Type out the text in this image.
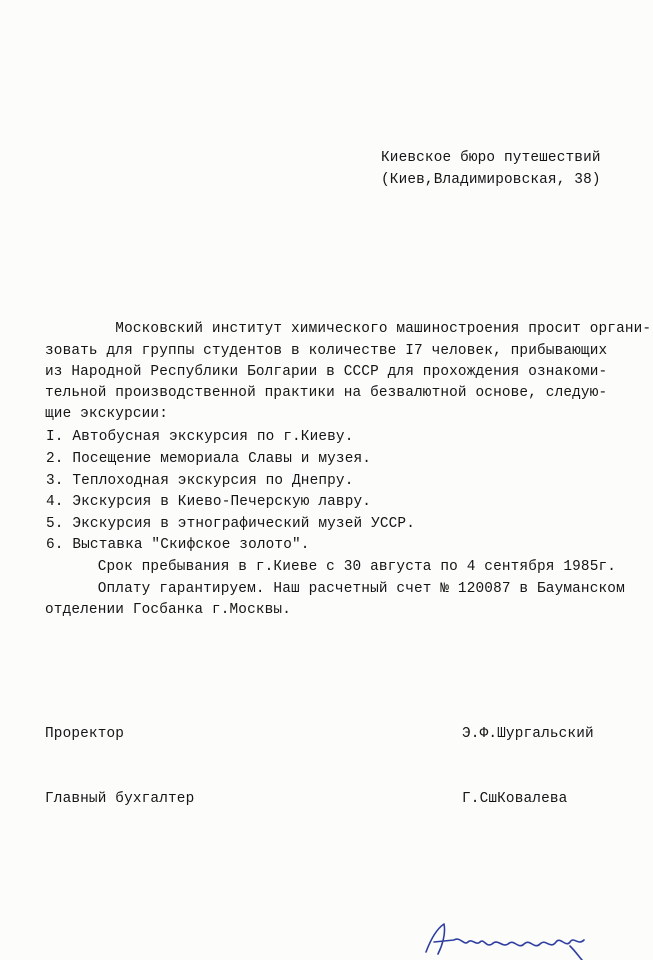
Киевское бюро путешествий
(Киев,Владимировская, 38)
Московский институт химического машиностроения просит органи-
зовать для группы студентов в количестве I7 человек, прибывающих
из Народной Республики Болгарии в СССР для прохождения ознакоми-
тельной производственной практики на безвалютной основе, следую-
щие экскурсии:
I. Автобусная экскурсия по г.Киеву.
2. Посещение мемориала Славы и музея.
3. Теплоходная экскурсия по Днепру.
4. Экскурсия в Киево-Печерскую лавру.
5. Экскурсия в этнографический музей УССР.
6. Выставка "Скифское золото".
Срок пребывания в г.Киеве с 30 августа по 4 сентября 1985г.
Оплату гарантируем. Наш расчетный счет № 120087 в Бауманском
отделении Госбанка г.Москвы.
Проректор	Э.Ф.Шургальский
Главный бухгалтер	Г.СшКовалева
